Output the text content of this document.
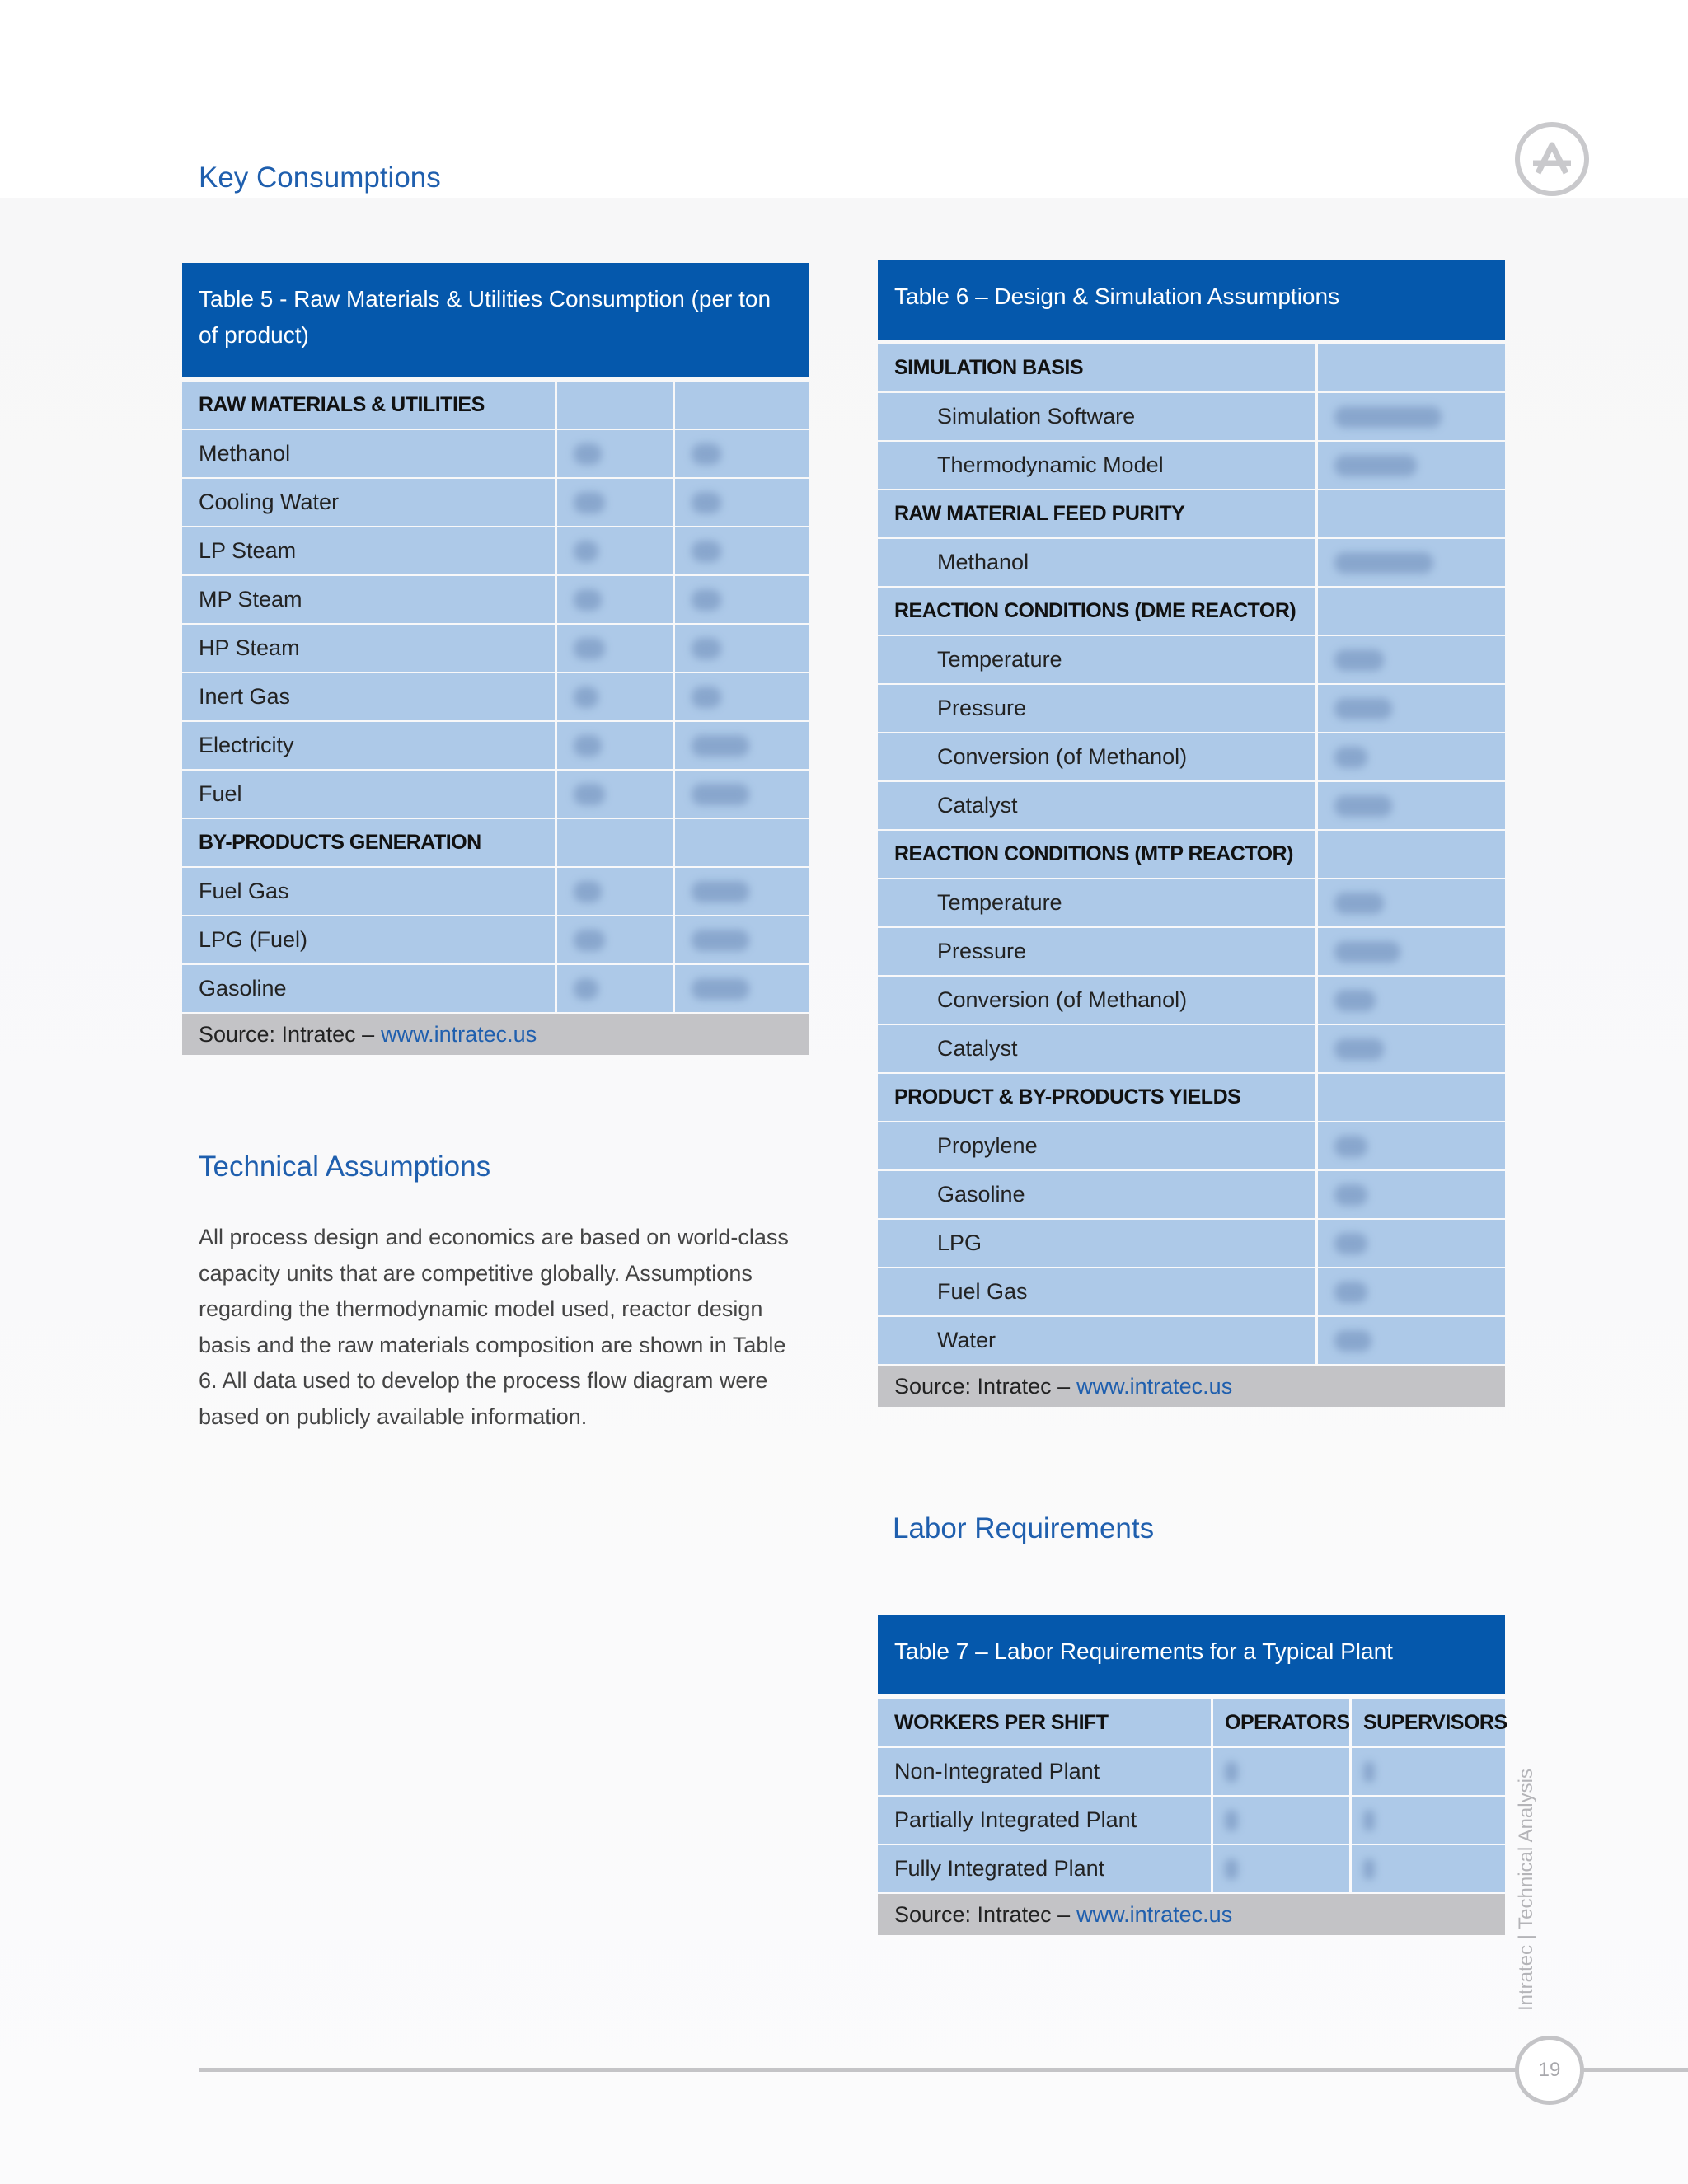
Key Consumptions
Table 5 - Raw Materials & Utilities Consumption (per ton of product)
RAW MATERIALS & UTILITIES
Methanol
Cooling Water
LP Steam
MP Steam
HP Steam
Inert Gas
Electricity
Fuel
BY-PRODUCTS GENERATION
Fuel Gas
LPG (Fuel)
Gasoline
Source: Intratec – www.intratec.us
Technical Assumptions

All process design and economics are based on world-class capacity units that are competitive globally. Assumptions regarding the thermodynamic model used, reactor design basis and the raw materials composition are shown in Table 6. All data used to develop the process flow diagram were based on publicly available information.

Table 6 – Design & Simulation Assumptions
SIMULATION BASIS
Simulation Software
Thermodynamic Model
RAW MATERIAL FEED PURITY
Methanol
REACTION CONDITIONS (DME REACTOR)
Temperature
Pressure
Conversion (of Methanol)
Catalyst
REACTION CONDITIONS (MTP REACTOR)
Temperature
Pressure
Conversion (of Methanol)
Catalyst
PRODUCT & BY-PRODUCTS YIELDS
Propylene
Gasoline
LPG
Fuel Gas
Water
Source: Intratec – www.intratec.us
Labor Requirements
Table 7 – Labor Requirements for a Typical Plant
WORKERS PER SHIFT	OPERATORS SUPERVISORS
Non-Integrated Plant
Partially Integrated Plant
Fully Integrated Plant
Source: Intratec – www.intratec.us	Intratec | Technical Analysis
19
